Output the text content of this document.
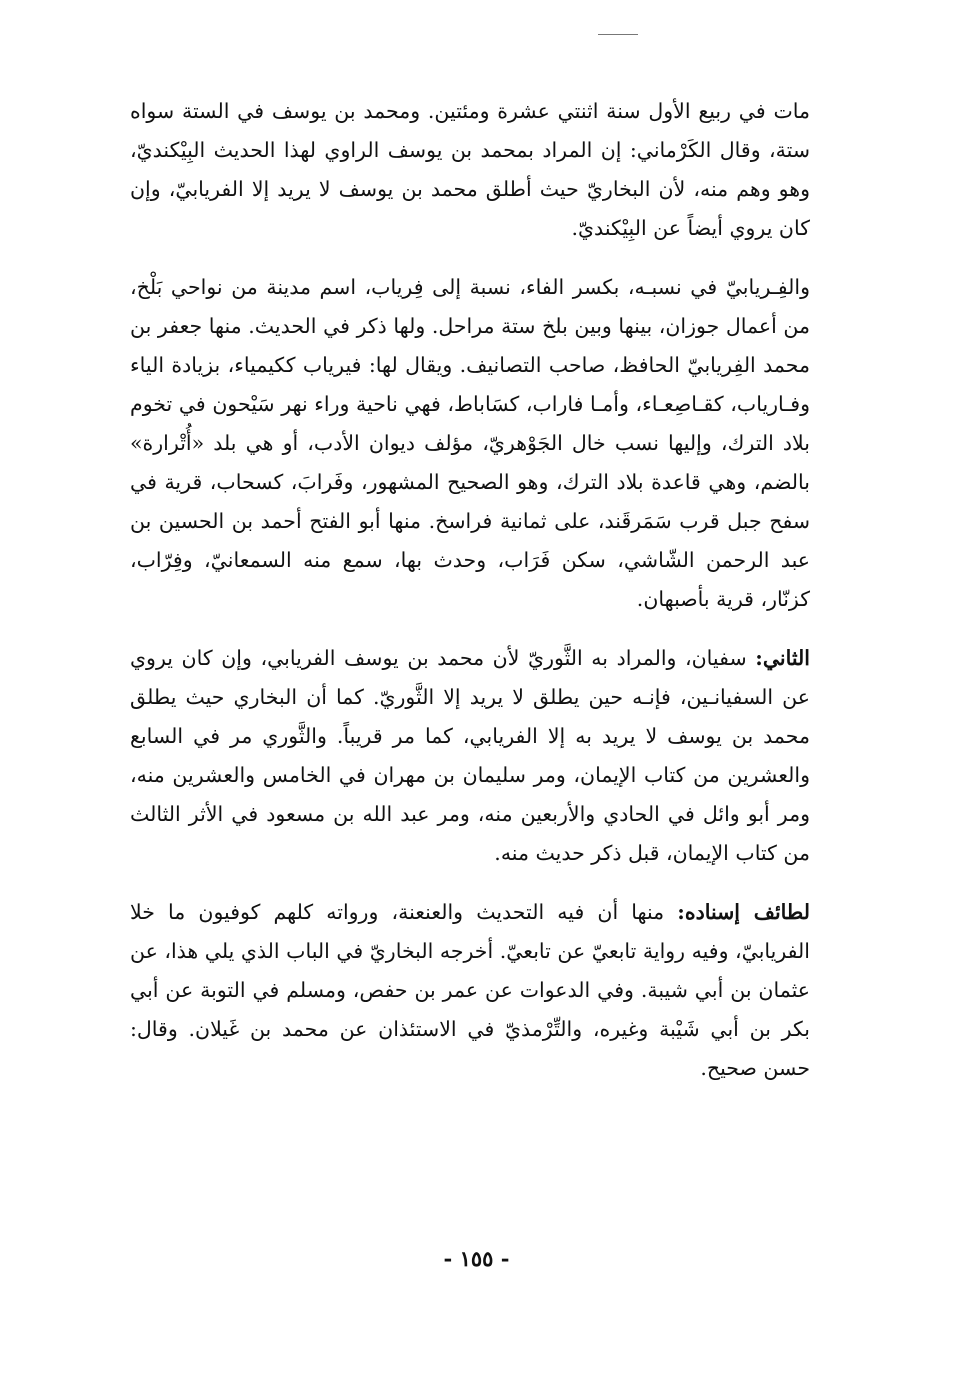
مات في ربيع الأول سنة اثنتي عشرة ومئتين. ومحمد بن يوسف في الستة سواه ستة، وقال الكَرْماني: إن المراد بمحمد بن يوسف الراوي لهذا الحديث البِيْكنديّ، وهو وهم منه، لأن البخاريّ حيث أطلق محمد بن يوسف لا يريد إلا الفريابيّ، وإن كان يروي أيضاً عن البِيْكنديّ.

والفِـريابيّ في نسبـه، بكسر الفاء، نسبة إلى فِرياب، اسم مدينة من نواحي بَلْخ، من أعمال جوزان، بينها وبين بلخ ستة مراحل. ولها ذكر في الحديث. منها جعفر بن محمد الفِريابيّ الحافظ، صاحب التصانيف. ويقال لها: فيرياب ككيمياء، بزيادة الياء وفـارياب، كقـاصِعـاء، وأمـا فاراب، كسَاباط، فهي ناحية وراء نهر سَيْحون في تخوم بلاد الترك، وإليها نسب خال الجَوْهريّ، مؤلف ديوان الأدب، أو هي بلد «أُتْرارة» بالضم، وهي قاعدة بلاد الترك، وهو الصحيح المشهور، وفَرابَ، كسحاب، قرية في سفح جبل قرب سَمَرقَند، على ثمانية فراسخ. منها أبو الفتح أحمد بن الحسين بن عبد الرحمن الشّاشي، سكن فَرَاب، وحدث بها، سمع منه السمعانيّ، وفِرّاب، كزنّار، قرية بأصبهان.

الثاني: سفيان، والمراد به الثَّوريّ لأن محمد بن يوسف الفريابي، وإن كان يروي عن السفيانـين، فإنـه حين يطلق لا يريد إلا الثَّوريّ. كما أن البخاري حيث يطلق محمد بن يوسف لا يريد به إلا الفريابي، كما مر قريباً. والثَّوري مر في السابع والعشرين من كتاب الإيمان، ومر سليمان بن مهران في الخامس والعشرين منه، ومر أبو وائل في الحادي والأربعين منه، ومر عبد الله بن مسعود في الأثر الثالث من كتاب الإيمان، قبل ذكر حديث منه.

لطائف إسناده: منها أن فيه التحديث والعنعنة، ورواته كلهم كوفيون ما خلا الفريابيّ، وفيه رواية تابعيّ عن تابعيّ. أخرجه البخاريّ في الباب الذي يلي هذا، عن عثمان بن أبي شيبة. وفي الدعوات عن عمر بن حفص، ومسلم في التوبة عن أبي بكر بن أبي شَيْبة وغيره، والتِّرْمذيّ في الاستئذان عن محمد بن غَيلان. وقال: حسن صحيح.

- ١٥٥ -
